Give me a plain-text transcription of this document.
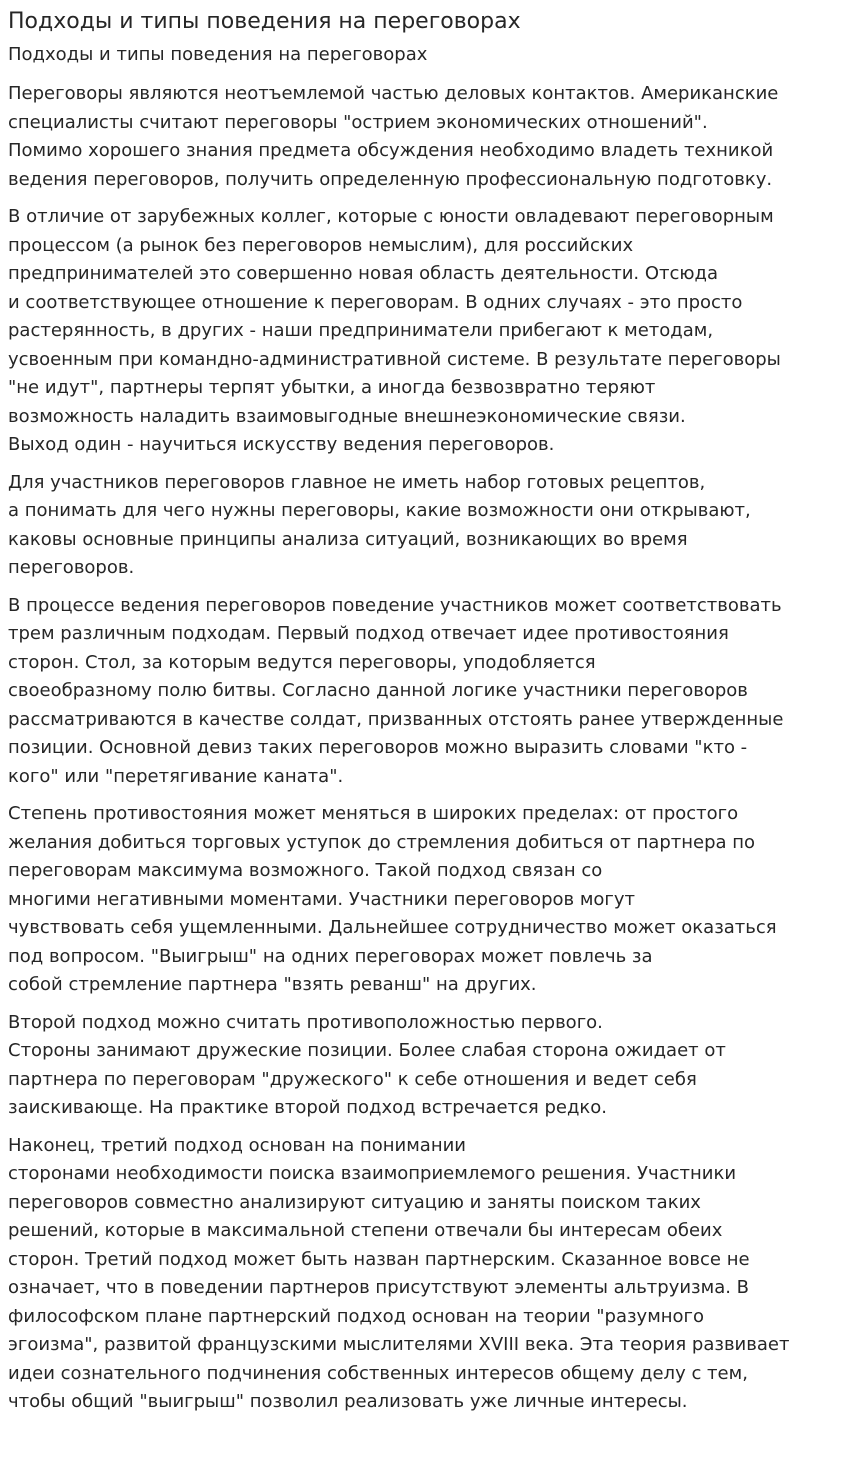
Подходы и типы поведения на переговорах
Подходы и типы поведения на переговорах

Переговоры являются неотъемлемой частью деловых контактов. Американские
специалисты считают переговоры "острием экономических отношений".
Помимо хорошего знания предмета обсуждения необходимо владеть техникой
ведения переговоров, получить определенную профессиональную подготовку.

В отличие от зарубежных коллег, которые с юности овладевают переговорным
процессом (а рынок без переговоров немыслим), для российских
предпринимателей это совершенно новая область деятельности. Отсюда
и соответствующее отношение к переговорам. В одних случаях - это просто
растерянность, в других - наши предприниматели прибегают к методам,
усвоенным при командно-административной системе. В результате переговоры
"не идут", партнеры терпят убытки, а иногда безвозвратно теряют
возможность наладить взаимовыгодные внешнеэкономические связи.
Выход один - научиться искусству ведения переговоров.

Для участников переговоров главное не иметь набор готовых рецептов,
а понимать для чего нужны переговоры, какие возможности они открывают,
каковы основные принципы анализа ситуаций, возникающих во время
переговоров.

В процессе ведения переговоров поведение участников может соответствовать
трем различным подходам. Первый подход отвечает идее противостояния
сторон. Стол, за которым ведутся переговоры, уподобляется
своеобразному полю битвы. Согласно данной логике участники переговоров
рассматриваются в качестве солдат, призванных отстоять ранее утвержденные
позиции. Основной девиз таких переговоров можно выразить словами "кто -
кого" или "перетягивание каната".

Степень противостояния может меняться в широких пределах: от простого
желания добиться торговых уступок до стремления добиться от партнера по
переговорам максимума возможного. Такой подход связан со
многими негативными моментами. Участники переговоров могут
чувствовать себя ущемленными. Дальнейшее сотрудничество может оказаться
под вопросом. "Выигрыш" на одних переговорах может повлечь за
собой стремление партнера "взять реванш" на других.

Второй подход можно считать противоположностью первого.
Стороны занимают дружеские позиции. Более слабая сторона ожидает от
партнера по переговорам "дружеского" к себе отношения и ведет себя
заискивающе. На практике второй подход встречается редко.

Наконец, третий подход основан на понимании
сторонами необходимости поиска взаимоприемлемого решения. Участники
переговоров совместно анализируют ситуацию и заняты поиском таких
решений, которые в максимальной степени отвечали бы интересам обеих
сторон. Третий подход может быть назван партнерским. Сказанное вовсе не
означает, что в поведении партнеров присутствуют элементы альтруизма. В
философском плане партнерский подход основан на теории "разумного
эгоизма", развитой французскими мыслителями XVIII века. Эта теория развивает
идеи сознательного подчинения собственных интересов общему делу с тем,
чтобы общий "выигрыш" позволил реализовать уже личные интересы.
